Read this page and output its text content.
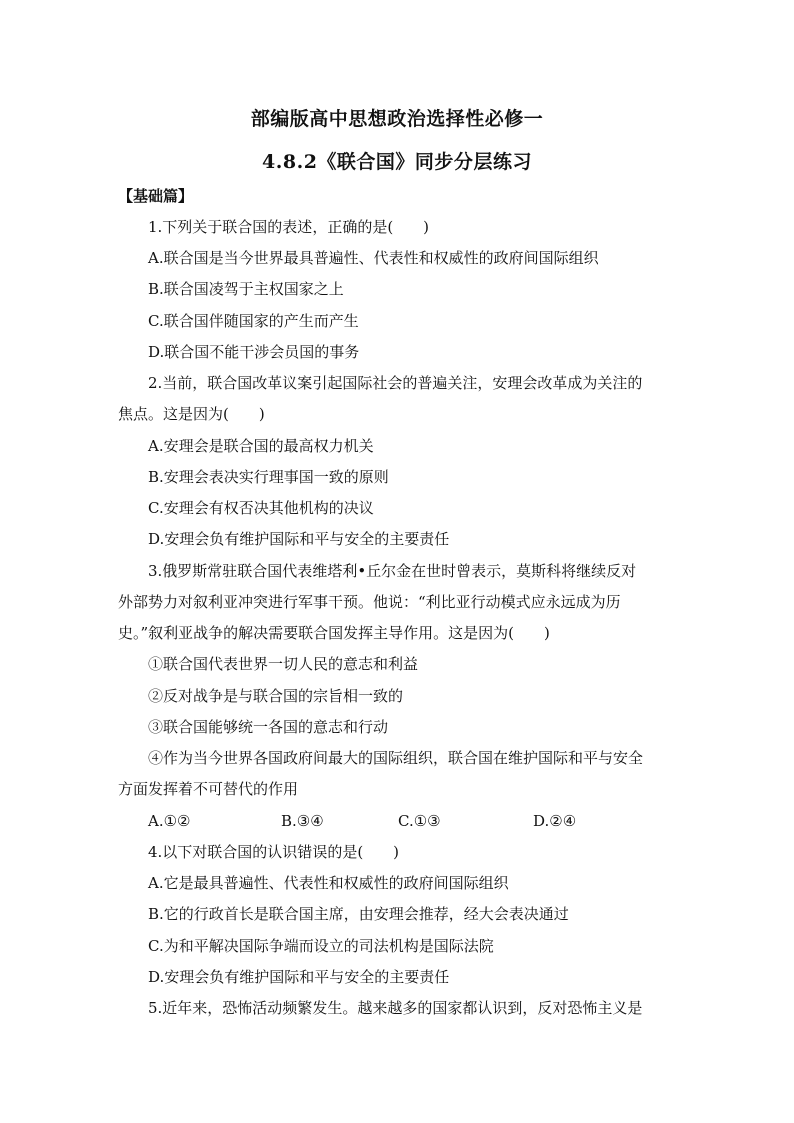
部编版高中思想政治选择性必修一
4.8.2《联合国》同步分层练习
【基础篇】
1.下列关于联合国的表述，正确的是(　　)
A.联合国是当今世界最具普遍性、代表性和权威性的政府间国际组织
B.联合国凌驾于主权国家之上
C.联合国伴随国家的产生而产生
D.联合国不能干涉会员国的事务
2.当前，联合国改革议案引起国际社会的普遍关注，安理会改革成为关注的
焦点。这是因为(　　)
A.安理会是联合国的最高权力机关
B.安理会表决实行理事国一致的原则
C.安理会有权否决其他机构的决议
D.安理会负有维护国际和平与安全的主要责任
3.俄罗斯常驻联合国代表维塔利•丘尔金在世时曾表示，莫斯科将继续反对
外部势力对叙利亚冲突进行军事干预。他说：“利比亚行动模式应永远成为历
史。”叙利亚战争的解决需要联合国发挥主导作用。这是因为(　　)
①联合国代表世界一切人民的意志和利益
②反对战争是与联合国的宗旨相一致的
③联合国能够统一各国的意志和行动
④作为当今世界各国政府间最大的国际组织，联合国在维护国际和平与安全
方面发挥着不可替代的作用
A.①②	B.③④	C.①③	D.②④
4.以下对联合国的认识错误的是(　　)
A.它是最具普遍性、代表性和权威性的政府间国际组织
B.它的行政首长是联合国主席，由安理会推荐，经大会表决通过
C.为和平解决国际争端而设立的司法机构是国际法院
D.安理会负有维护国际和平与安全的主要责任
5.近年来，恐怖活动频繁发生。越来越多的国家都认识到，反对恐怖主义是
